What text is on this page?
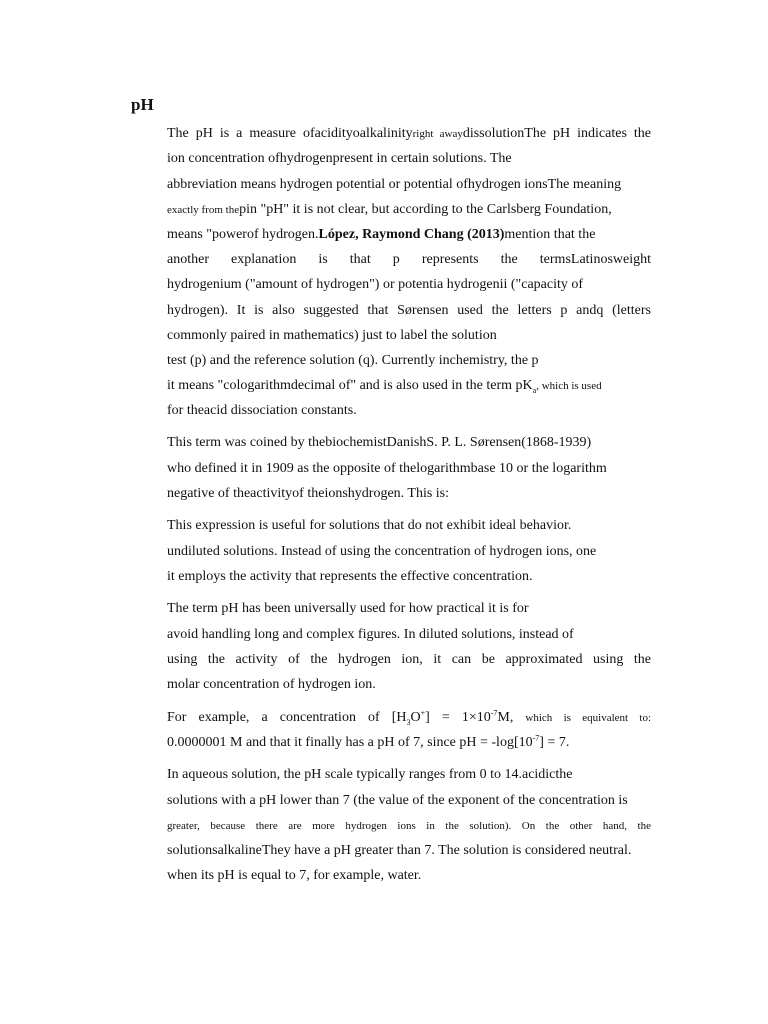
pH
The pH is a measure ofacidityoalkalinityright awaydissolutionThe pH indicates the
ion concentration ofhydrogenpresent in certain solutions. The
abbreviation means hydrogen potential or potential ofhydrogen ionsThe meaning
exactly from thepin "pH" it is not clear, but according to the Carlsberg Foundation,
means "powerof hydrogen.López, Raymond Chang (2013)mention that the
another explanation is that p represents the termsLatinosweight
hydrogenium ("amount of hydrogen") or potentia hydrogenii ("capacity of
hydrogen). It is also suggested that Sørensen used the letters p andq (letters
commonly paired in mathematics) just to label the solution
test (p) and the reference solution (q). Currently inchemistry, the p
it means "cologarithmdecimal of" and is also used in the term $pK_a$, which is used
for theacid dissociation constants.
This term was coined by thebiochemistDanishS. P. L. Sørensen(1868-1939)
who defined it in 1909 as the opposite of thelogarithmbase 10 or the logarithm
negative of theactivityof theionshydrogen. This is:
This expression is useful for solutions that do not exhibit ideal behavior.
undiluted solutions. Instead of using the concentration of hydrogen ions, one
it employs the activity that represents the effective concentration.
The term pH has been universally used for how practical it is for
avoid handling long and complex figures. In diluted solutions, instead of
using the activity of the hydrogen ion, it can be approximated using the
molar concentration of hydrogen ion.
For example, a concentration of $[H_3O^+] = 1\times 10^{-7}M$, which is equivalent to:
0.0000001 M and that it finally has a pH of 7, since pH = $-\log[10^{-7}] = 7$.
In aqueous solution, the pH scale typically ranges from 0 to 14.acidicthe
solutions with a pH lower than 7 (the value of the exponent of the concentration is
greater, because there are more hydrogen ions in the solution). On the other hand, the
solutionsalkalineThey have a pH greater than 7. The solution is considered neutral.
when its pH is equal to 7, for example, water.
